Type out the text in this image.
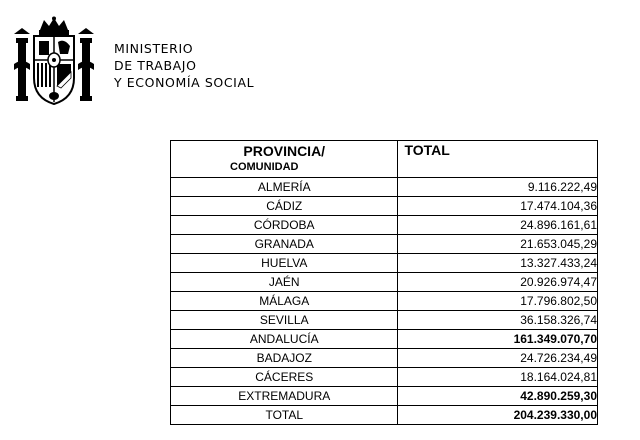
MINISTERIO
DE TRABAJO
Y ECONOMÍA SOCIAL
PROVINCIA/
COMUNIDAD	TOTAL
ALMERÍA	9.116.222,49
CÁDIZ	17.474.104,36
CÓRDOBA	24.896.161,61
GRANADA	21.653.045,29
HUELVA	13.327.433,24
JAÉN	20.926.974,47
MÁLAGA	17.796.802,50
SEVILLA	36.158.326,74
ANDALUCÍA	161.349.070,70
BADAJOZ	24.726.234,49
CÁCERES	18.164.024,81
EXTREMADURA	42.890.259,30
TOTAL	204.239.330,00
